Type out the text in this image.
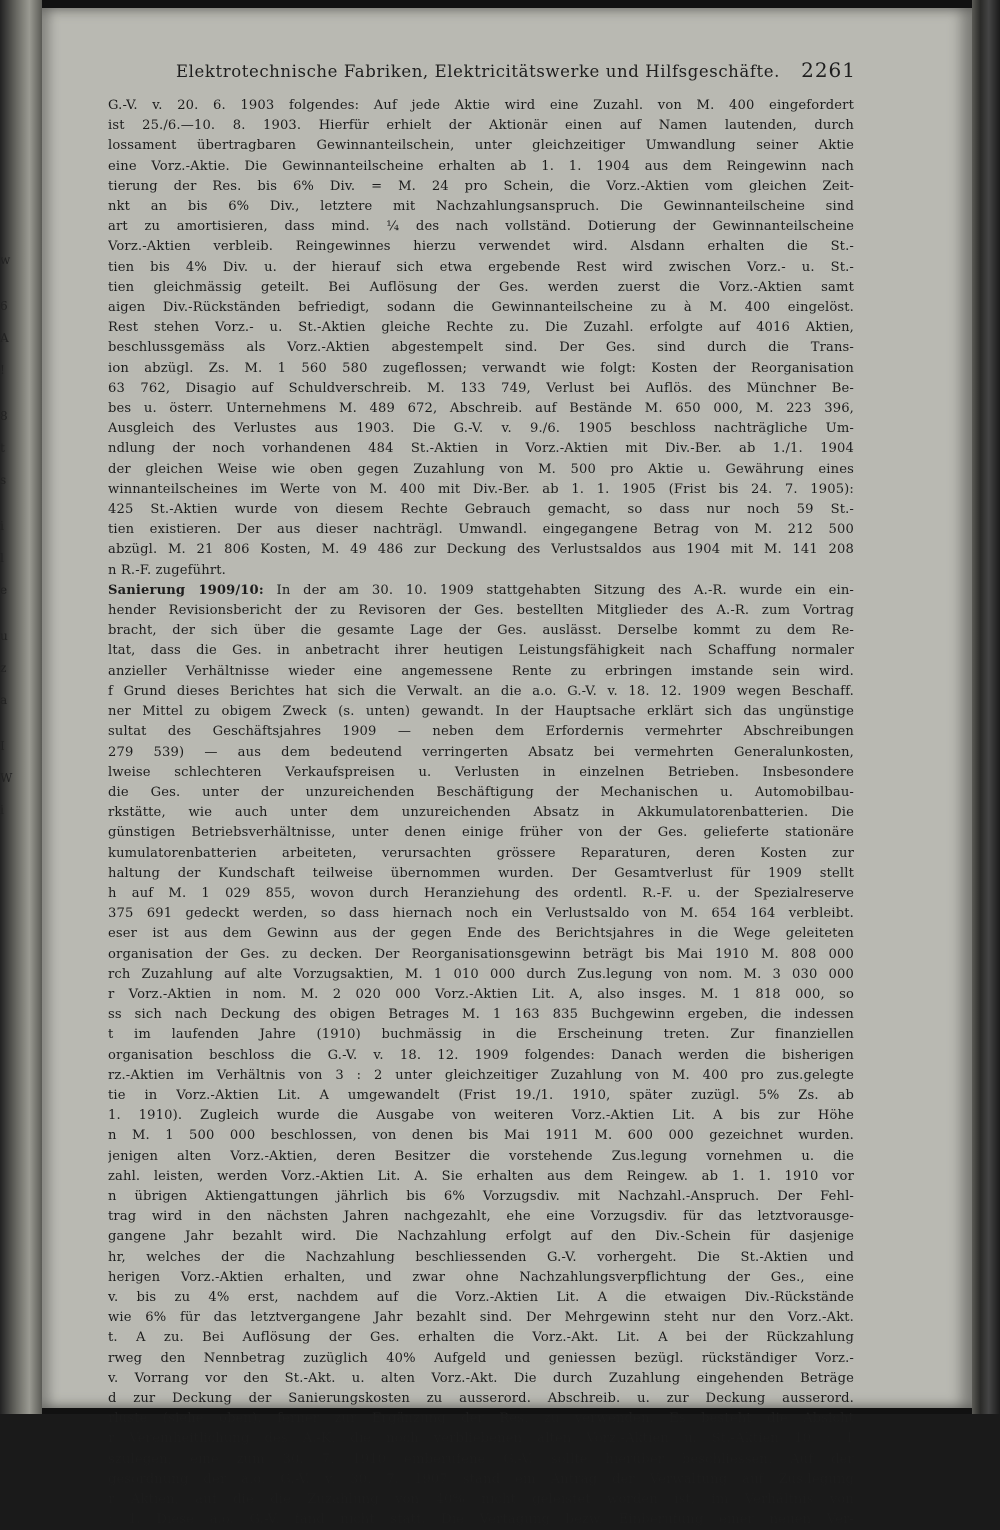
w
6
A
!
8
t
s
i
l
e
u
z
a
I
W
i
Elektrotechnische Fabriken, Elektricitätswerke und Hilfsgeschäfte. 2261
G.-V. v. 20. 6. 1903 folgendes: Auf jede Aktie wird eine Zuzahl. von M. 400 eingefordert
ist 25./6.—10. 8. 1903. Hierfür erhielt der Aktionär einen auf Namen lautenden, durch
lossament übertragbaren Gewinnanteilschein, unter gleichzeitiger Umwandlung seiner Aktie
eine Vorz.-Aktie. Die Gewinnanteilscheine erhalten ab 1. 1. 1904 aus dem Reingewinn nach
tierung der Res. bis 6% Div. = M. 24 pro Schein, die Vorz.-Aktien vom gleichen Zeit-
nkt an bis 6% Div., letztere mit Nachzahlungsanspruch. Die Gewinnanteilscheine sind
art zu amortisieren, dass mind. ¼ des nach vollständ. Dotierung der Gewinnanteilscheine
Vorz.-Aktien verbleib. Reingewinnes hierzu verwendet wird. Alsdann erhalten die St.-
tien bis 4% Div. u. der hierauf sich etwa ergebende Rest wird zwischen Vorz.- u. St.-
tien gleichmässig geteilt. Bei Auflösung der Ges. werden zuerst die Vorz.-Aktien samt
aigen Div.-Rückständen befriedigt, sodann die Gewinnanteilscheine zu à M. 400 eingelöst.
Rest stehen Vorz.- u. St.-Aktien gleiche Rechte zu. Die Zuzahl. erfolgte auf 4016 Aktien,
beschlussgemäss als Vorz.-Aktien abgestempelt sind. Der Ges. sind durch die Trans-
ion abzügl. Zs. M. 1 560 580 zugeflossen; verwandt wie folgt: Kosten der Reorganisation
63 762, Disagio auf Schuldverschreib. M. 133 749, Verlust bei Auflös. des Münchner Be-
bes u. österr. Unternehmens M. 489 672, Abschreib. auf Bestände M. 650 000, M. 223 396,
Ausgleich des Verlustes aus 1903. Die G.-V. v. 9./6. 1905 beschloss nachträgliche Um-
ndlung der noch vorhandenen 484 St.-Aktien in Vorz.-Aktien mit Div.-Ber. ab 1./1. 1904
der gleichen Weise wie oben gegen Zuzahlung von M. 500 pro Aktie u. Gewährung eines
winnanteilscheines im Werte von M. 400 mit Div.-Ber. ab 1. 1. 1905 (Frist bis 24. 7. 1905):
425 St.-Aktien wurde von diesem Rechte Gebrauch gemacht, so dass nur noch 59 St.-
tien existieren. Der aus dieser nachträgl. Umwandl. eingegangene Betrag von M. 212 500
abzügl. M. 21 806 Kosten, M. 49 486 zur Deckung des Verlustsaldos aus 1904 mit M. 141 208
n R.-F. zugeführt.
Sanierung 1909/10: In der am 30. 10. 1909 stattgehabten Sitzung des A.-R. wurde ein ein-
hender Revisionsbericht der zu Revisoren der Ges. bestellten Mitglieder des A.-R. zum Vortrag
bracht, der sich über die gesamte Lage der Ges. auslässt. Derselbe kommt zu dem Re-
ltat, dass die Ges. in anbetracht ihrer heutigen Leistungsfähigkeit nach Schaffung normaler
anzieller Verhältnisse wieder eine angemessene Rente zu erbringen imstande sein wird.
f Grund dieses Berichtes hat sich die Verwalt. an die a.o. G.-V. v. 18. 12. 1909 wegen Beschaff.
ner Mittel zu obigem Zweck (s. unten) gewandt. In der Hauptsache erklärt sich das ungünstige
sultat des Geschäftsjahres 1909 — neben dem Erfordernis vermehrter Abschreibungen
279 539) — aus dem bedeutend verringerten Absatz bei vermehrten Generalunkosten,
lweise schlechteren Verkaufspreisen u. Verlusten in einzelnen Betrieben. Insbesondere
die Ges. unter der unzureichenden Beschäftigung der Mechanischen u. Automobilbau-
rkstätte, wie auch unter dem unzureichenden Absatz in Akkumulatorenbatterien. Die
günstigen Betriebsverhältnisse, unter denen einige früher von der Ges. gelieferte stationäre
kumulatorenbatterien arbeiteten, verursachten grössere Reparaturen, deren Kosten zur
haltung der Kundschaft teilweise übernommen wurden. Der Gesamtverlust für 1909 stellt
h auf M. 1 029 855, wovon durch Heranziehung des ordentl. R.-F. u. der Spezialreserve
375 691 gedeckt werden, so dass hiernach noch ein Verlustsaldo von M. 654 164 verbleibt.
eser ist aus dem Gewinn aus der gegen Ende des Berichtsjahres in die Wege geleiteten
organisation der Ges. zu decken. Der Reorganisationsgewinn beträgt bis Mai 1910 M. 808 000
rch Zuzahlung auf alte Vorzugsaktien, M. 1 010 000 durch Zus.legung von nom. M. 3 030 000
r Vorz.-Aktien in nom. M. 2 020 000 Vorz.-Aktien Lit. A, also insges. M. 1 818 000, so
ss sich nach Deckung des obigen Betrages M. 1 163 835 Buchgewinn ergeben, die indessen
t im laufenden Jahre (1910) buchmässig in die Erscheinung treten. Zur finanziellen
organisation beschloss die G.-V. v. 18. 12. 1909 folgendes: Danach werden die bisherigen
rz.-Aktien im Verhältnis von 3 : 2 unter gleichzeitiger Zuzahlung von M. 400 pro zus.gelegte
tie in Vorz.-Aktien Lit. A umgewandelt (Frist 19./1. 1910, später zuzügl. 5% Zs. ab
1. 1910). Zugleich wurde die Ausgabe von weiteren Vorz.-Aktien Lit. A bis zur Höhe
n M. 1 500 000 beschlossen, von denen bis Mai 1911 M. 600 000 gezeichnet wurden.
jenigen alten Vorz.-Aktien, deren Besitzer die vorstehende Zus.legung vornehmen u. die
zahl. leisten, werden Vorz.-Aktien Lit. A. Sie erhalten aus dem Reingew. ab 1. 1. 1910 vor
n übrigen Aktiengattungen jährlich bis 6% Vorzugsdiv. mit Nachzahl.-Anspruch. Der Fehl-
trag wird in den nächsten Jahren nachgezahlt, ehe eine Vorzugsdiv. für das letztvorausge-
gangene Jahr bezahlt wird. Die Nachzahlung erfolgt auf den Div.-Schein für dasjenige
hr, welches der die Nachzahlung beschliessenden G.-V. vorhergeht. Die St.-Aktien und
herigen Vorz.-Aktien erhalten, und zwar ohne Nachzahlungsverpflichtung der Ges., eine
v. bis zu 4% erst, nachdem auf die Vorz.-Aktien Lit. A die etwaigen Div.-Rückstände
wie 6% für das letztvergangene Jahr bezahlt sind. Der Mehrgewinn steht nur den Vorz.-Akt.
t. A zu. Bei Auflösung der Ges. erhalten die Vorz.-Akt. Lit. A bei der Rückzahlung
rweg den Nennbetrag zuzüglich 40% Aufgeld und geniessen bezügl. rückständiger Vorz.-
v. Vorrang vor den St.-Akt. u. alten Vorz.-Akt. Die durch Zuzahlung eingehenden Beträge
d zur Deckung der Sanierungskosten zu ausserord. Abschreib. u. zur Deckung ausserord.
rluste (siehe oben), ferner zur Ergänzung der Res. zu verwenden. Es besteht die Absicht
r Vereinheitlichung des A.-K. die noch verbliebenen alten Vorz.-Aktien u. St.-Aktien 10 : 1
szulegen; eine zum 30. 7. 1910 einberufene G.-V. sollte hierüber beschliessen. Auf der
gesordnung der a.o. G.-V. v. 30. 7. 1907 stand ein Antrag der Verwaltung auf Zus.legung
r Aktien, auf die die Zuzahlung von 40% nicht geleistet worden ist, im Verhältnis von
: 1. Diese a.o. G.-V. fand nicht statt. Die Vertagung bezw. Einberufung einer neuen Ver-
